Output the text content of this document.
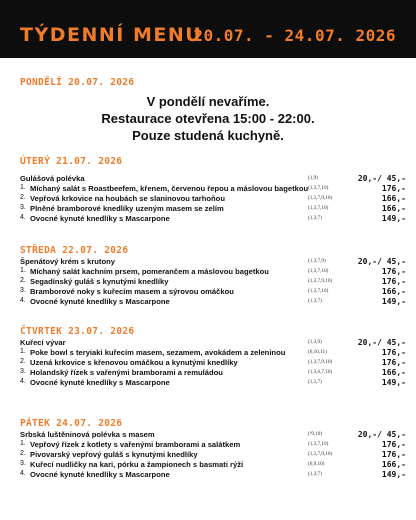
TÝDENNÍ MENU
20.07. - 24.07. 2026
PONDĚLÍ 20.07. 2026
V pondělí nevaříme.
Restaurace otevřena 15:00 - 22:00.
Pouze studená kuchyně.
ÚTERÝ 21.07. 2026
Gulášová polévka	(1,9)	20,-/ 45,-
1. Míchaný salát s Roastbeefem, křenem, červenou řepou a máslovou bagetkou (1,3,7,10)	176,-
2. Vepřová krkovice na houbách se slaninovou tarhoňou	(1,3,7,9,10)	166,-
3. Plněné bramborové knedlíky uzeným masem se zelím	(1,3,7,10)	166,-
4. Ovocné kynuté knedlíky s Mascarpone	(1,3,7)	149,-
STŘEDA 22.07. 2026
Špenátový krém s krutony	(1,3,7,9)	20,-/ 45,-
1. Míchaný salát kachním prsem, pomerančem a máslovou bagetkou	(1,3,7,10)	176,-
2. Segadínský guláš s kynutými knedlíky	(1,3,7,9,10)	176,-
3. Bramborové noky s kuřecím masem a sýrovou omáčkou	(1,3,7,10)	166,-
4. Ovocné kynuté knedlíky s Mascarpone	(1,3,7)	149,-
ČTVRTEK 23.07. 2026
Kuřecí vývar	(1,3,9)	20,-/ 45,-
1. Poke bowl s teryiaki kuřecím masem, sezamem, avokádem a zeleninou	(6,10,11)	176,-
2. Uzená krkovice s křenovou omáčkou a kynutými knedlíky	(1,3,7,9,10)	176,-
3. Holandský řízek s vařenými bramborami a remuládou	(1,3,6,7,10)	166,-
4. Ovocné kynuté knedlíky s Mascarpone	(1,3,7)	149,-
PÁTEK 24.07. 2026
Srbská luštěninová polévka s masem	(¹9,10)	20,-/ 45,-
1. Vepřový řízek z kotlety s vařenými bramborami a salátkem	(1,3,7,10)	176,-
2. Pivovarský vepřový guláš s kynutými knedlíky	(1,3,7,9,10)	176,-
3. Kuřecí nudličky na kari, pórku a žampionech s basmati rýží	(6,9,10)	166,-
4. Ovocné kynuté knedlíky s Mascarpone	(1,3,7)	149,-
